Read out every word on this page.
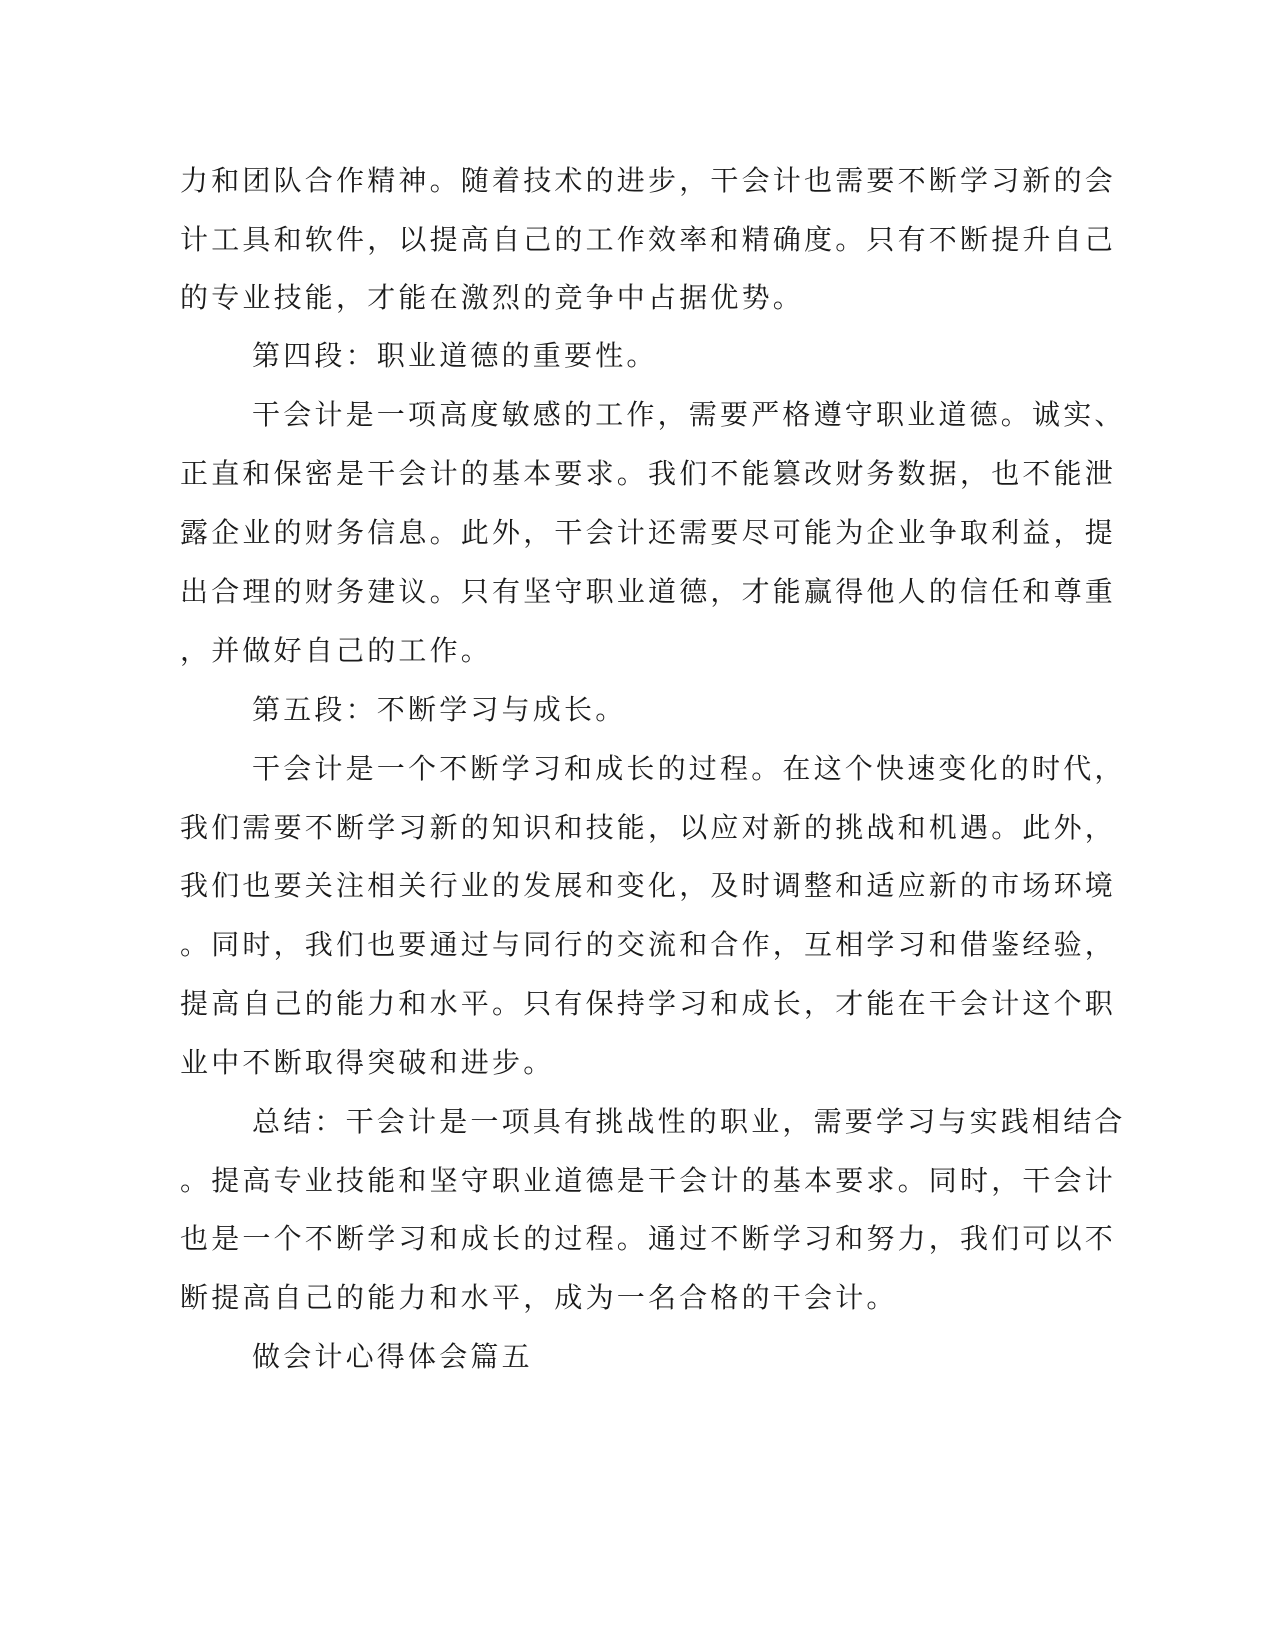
力和团队合作精神。随着技术的进步，干会计也需要不断学习新的会
计工具和软件，以提高自己的工作效率和精确度。只有不断提升自己
的专业技能，才能在激烈的竞争中占据优势。
第四段：职业道德的重要性。
干会计是一项高度敏感的工作，需要严格遵守职业道德。诚实、
正直和保密是干会计的基本要求。我们不能篡改财务数据，也不能泄
露企业的财务信息。此外，干会计还需要尽可能为企业争取利益，提
出合理的财务建议。只有坚守职业道德，才能赢得他人的信任和尊重
，并做好自己的工作。
第五段：不断学习与成长。
干会计是一个不断学习和成长的过程。在这个快速变化的时代，
我们需要不断学习新的知识和技能，以应对新的挑战和机遇。此外，
我们也要关注相关行业的发展和变化，及时调整和适应新的市场环境
。同时，我们也要通过与同行的交流和合作，互相学习和借鉴经验，
提高自己的能力和水平。只有保持学习和成长，才能在干会计这个职
业中不断取得突破和进步。
总结：干会计是一项具有挑战性的职业，需要学习与实践相结合
。提高专业技能和坚守职业道德是干会计的基本要求。同时，干会计
也是一个不断学习和成长的过程。通过不断学习和努力，我们可以不
断提高自己的能力和水平，成为一名合格的干会计。
做会计心得体会篇五
